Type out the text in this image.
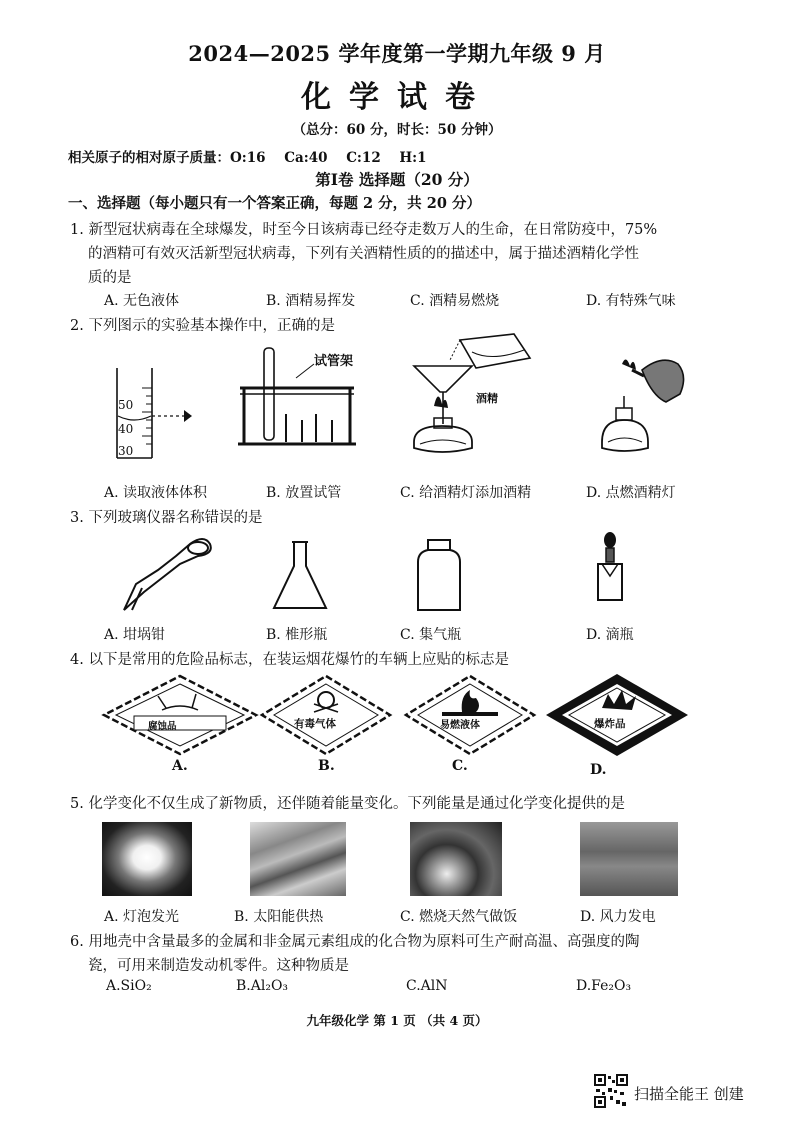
2024—2025 学年度第一学期九年级 9 月
化学试卷
（总分：60 分，时长：50 分钟）
相关原子的相对原子质量：O:16 Ca:40 C:12 H:1
第Ⅰ卷 选择题（20 分）
一、选择题（每小题只有一个答案正确，每题 2 分，共 20 分）
1. 新型冠状病毒在全球爆发，时至今日该病毒已经夺走数万人的生命，在日常防疫中，75%
的酒精可有效灭活新型冠状病毒，下列有关酒精性质的的描述中，属于描述酒精化学性
质的是
A. 无色液体	B. 酒精易挥发	C. 酒精易燃烧	D. 有特殊气味
2. 下列图示的实验基本操作中，正确的是
50
40
30
试管架
酒精
A. 读取液体体积	B. 放置试管	C. 给酒精灯添加酒精	D. 点燃酒精灯
3. 下列玻璃仪器名称错误的是
A. 坩埚钳	B. 椎形瓶	C. 集气瓶	D. 滴瓶
4. 以下是常用的危险品标志，在装运烟花爆竹的车辆上应贴的标志是
腐蚀品	有毒气体	易燃液体	爆炸品
A.	B.	C.	D.
5. 化学变化不仅生成了新物质，还伴随着能量变化。下列能量是通过化学变化提供的是
A. 灯泡发光	B. 太阳能供热	C. 燃烧天然气做饭	D. 风力发电
6. 用地壳中含量最多的金属和非金属元素组成的化合物为原料可生产耐高温、高强度的陶
瓷，可用来制造发动机零件。这种物质是
A.SiO₂	B.Al₂O₃	C.AlN	D.Fe₂O₃
九年级化学 第 1 页 （共 4 页）
扫描全能王 创建
